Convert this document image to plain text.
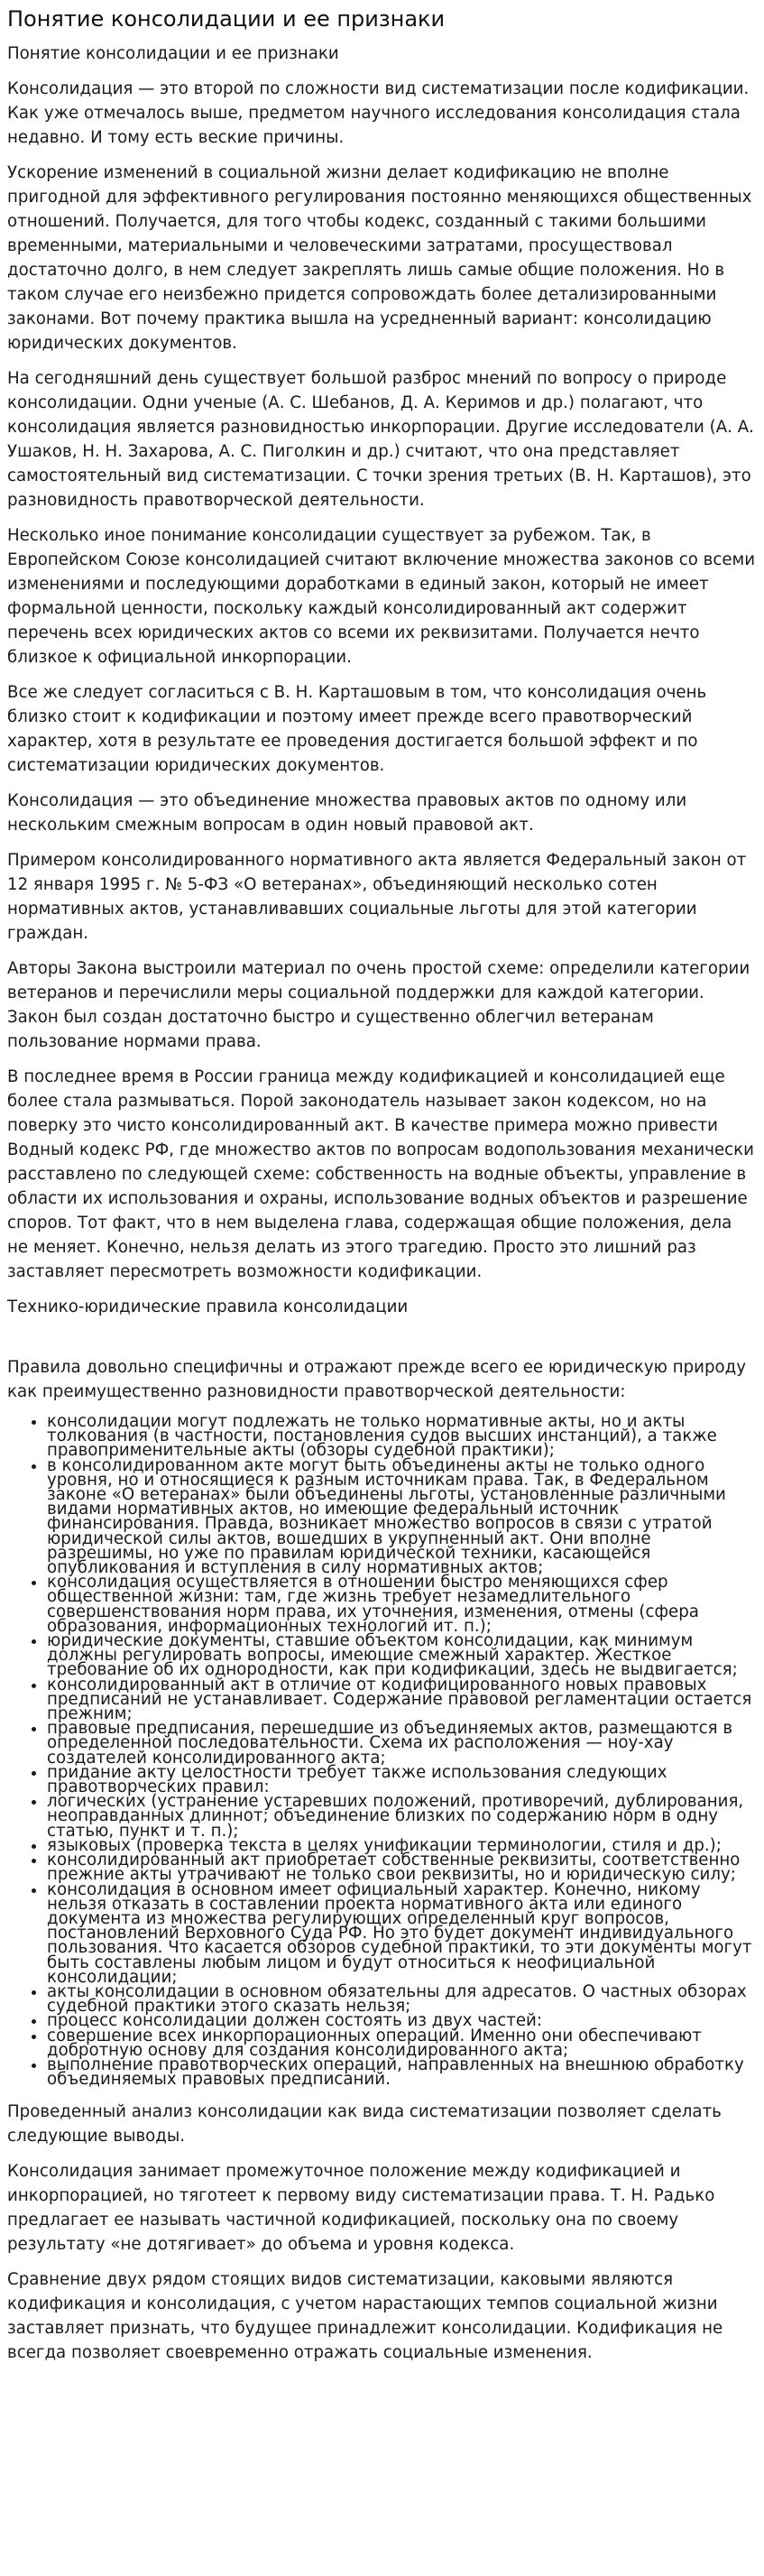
Понятие консолидации и ее признаки

Понятие консолидации и ее признаки

Консолидация — это второй по сложности вид систематизации после кодификации. Как уже отмечалось выше, предметом научного исследования консолидация стала недавно. И тому есть веские причины.

Ускорение изменений в социальной жизни делает кодификацию не вполне пригодной для эффективного регулирования постоянно меняющихся общественных отношений. Получается, для того чтобы кодекс, созданный с такими большими временными, материальными и человеческими затратами, просуществовал достаточно долго, в нем следует закреплять лишь самые общие положения. Но в таком случае его неизбежно придется сопровождать более детализированными законами. Вот почему практика вышла на усредненный вариант: консолидацию юридических документов.

На сегодняшний день существует большой разброс мнений по вопросу о природе консолидации. Одни ученые (А. С. Шебанов, Д. А. Керимов и др.) полагают, что консолидация является разновидностью инкорпорации. Другие исследователи (А. А. Ушаков, Н. Н. Захарова, А. С. Пиголкин и др.) считают, что она представляет самостоятельный вид систематизации. С точки зрения третьих (В. Н. Карташов), это разновидность правотворческой деятельности.

Несколько иное понимание консолидации существует за рубежом. Так, в Европейском Союзе консолидацией считают включение множества законов со всеми изменениями и последующими доработками в единый закон, который не имеет формальной ценности, поскольку каждый консолидированный акт содержит перечень всех юридических актов со всеми их реквизитами. Получается нечто близкое к официальной инкорпорации.

Все же следует согласиться с В. Н. Карташовым в том, что консолидация очень близко стоит к кодификации и поэтому имеет прежде всего правотворческий характер, хотя в результате ее проведения достигается большой эффект и по систематизации юридических документов.

Консолидация — это объединение множества правовых актов по одному или нескольким смежным вопросам в один новый правовой акт.

Примером консолидированного нормативного акта является Федеральный закон от 12 января 1995 г. № 5-ФЗ «О ветеранах», объединяющий несколько сотен нормативных актов, устанавливавших социальные льготы для этой категории граждан.

Авторы Закона выстроили материал по очень простой схеме: определили категории ветеранов и перечислили меры социальной поддержки для каждой категории. Закон был создан достаточно быстро и существенно облегчил ветеранам пользование нормами права.

В последнее время в России граница между кодификацией и консолидацией еще более стала размываться. Порой законодатель называет закон кодексом, но на поверку это чисто консолидированный акт. В качестве примера можно привести Водный кодекс РФ, где множество актов по вопросам водопользования механически расставлено по следующей схеме: собственность на водные объекты, управление в области их использования и охраны, использование водных объектов и разрешение споров. Тот факт, что в нем выделена глава, содержащая общие положения, дела не меняет. Конечно, нельзя делать из этого трагедию. Просто это лишний раз заставляет пересмотреть возможности кодификации.

Технико-юридические правила консолидации

Правила довольно специфичны и отражают прежде всего ее юридическую природу как преимущественно разновидности правотворческой деятельности:

• консолидации могут подлежать не только нормативные акты, но и акты толкования (в частности, постановления судов высших инстанций), а также правоприменительные акты (обзоры судебной практики);
• в консолидированном акте могут быть объединены акты не только одного уровня, но и относящиеся к разным источникам права. Так, в Федеральном законе «О ветеранах» были объединены льготы, установленные различными видами нормативных актов, но имеющие федеральный источник финансирования. Правда, возникает множество вопросов в связи с утратой юридической силы актов, вошедших в укрупненный акт. Они вполне разрешимы, но уже по правилам юридической техники, касающейся опубликования и вступления в силу нормативных актов;
• консолидация осуществляется в отношении быстро меняющихся сфер общественной жизни: там, где жизнь требует незамедлительного совершенствования норм права, их уточнения, изменения, отмены (сфера образования, информационных технологий ит. п.);
• юридические документы, ставшие объектом консолидации, как минимум должны регулировать вопросы, имеющие смежный характер. Жесткое требование об их однородности, как при кодификации, здесь не выдвигается;
• консолидированный акт в отличие от кодифицированного новых правовых предписаний не устанавливает. Содержание правовой регламентации остается прежним;
• правовые предписания, перешедшие из объединяемых актов, размещаются в определенной последовательности. Схема их расположения — ноу-хау создателей консолидированного акта;
• придание акту целостности требует также использования следующих правотворческих правил:
• логических (устранение устаревших положений, противоречий, дублирования, неоправданных длиннот; объединение близких по содержанию норм в одну статью, пункт и т. п.);
• языковых (проверка текста в целях унификации терминологии, стиля и др.);
• консолидированный акт приобретает собственные реквизиты, соответственно прежние акты утрачивают не только свои реквизиты, но и юридическую силу;
• консолидация в основном имеет официальный характер. Конечно, никому нельзя отказать в составлении проекта нормативного акта или единого документа из множества регулирующих определенный круг вопросов, постановлений Верховного Суда РФ. Но это будет документ индивидуального пользования. Что касается обзоров судебной практики, то эти документы могут быть составлены любым лицом и будут относиться к неофициальной консолидации;
• акты консолидации в основном обязательны для адресатов. О частных обзорах судебной практики этого сказать нельзя;
• процесс консолидации должен состоять из двух частей:
• совершение всех инкорпорационных операций. Именно они обеспечивают добротную основу для создания консолидированного акта;
• выполнение правотворческих операций, направленных на внешнюю обработку объединяемых правовых предписаний.

Проведенный анализ консолидации как вида систематизации позволяет сделать следующие выводы.

Консолидация занимает промежуточное положение между кодификацией и инкорпорацией, но тяготеет к первому виду систематизации права. Т. Н. Радько предлагает ее называть частичной кодификацией, поскольку она по своему результату «не дотягивает» до объема и уровня кодекса.

Сравнение двух рядом стоящих видов систематизации, каковыми являются кодификация и консолидация, с учетом нарастающих темпов социальной жизни заставляет признать, что будущее принадлежит консолидации. Кодификация не всегда позволяет своевременно отражать социальные изменения.
